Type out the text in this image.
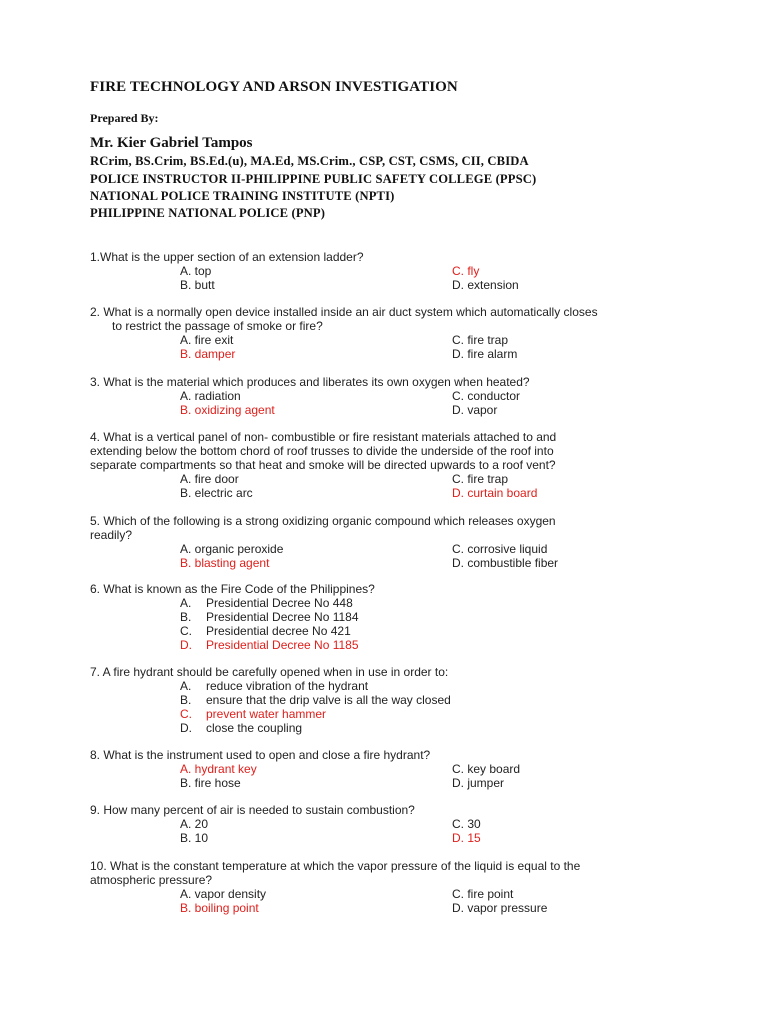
FIRE TECHNOLOGY AND ARSON INVESTIGATION
Prepared By:
Mr. Kier Gabriel Tampos
RCrim, BS.Crim, BS.Ed.(u), MA.Ed, MS.Crim., CSP, CST, CSMS, CII, CBIDA
POLICE INSTRUCTOR II-PHILIPPINE PUBLIC SAFETY COLLEGE (PPSC)
NATIONAL POLICE TRAINING INSTITUTE (NPTI)
PHILIPPINE NATIONAL POLICE (PNP)
1.What is the upper section of an extension ladder?
A. top	C. fly
B. butt	D. extension
2. What is a normally open device installed inside an air duct system which automatically closes
to restrict the passage of smoke or fire?
A. fire exit	C. fire trap
B. damper	D. fire alarm
3. What is the material which produces and liberates its own oxygen when heated?
A. radiation	C. conductor
B. oxidizing agent	D. vapor
4. What is a vertical panel of non- combustible or fire resistant materials attached to and
extending below the bottom chord of roof trusses to divide the underside of the roof into
separate compartments so that heat and smoke will be directed upwards to a roof vent?
A. fire door	C. fire trap
B. electric arc	D. curtain board
5. Which of the following is a strong oxidizing organic compound which releases oxygen
readily?
A. organic peroxide	C. corrosive liquid
B. blasting agent	D. combustible fiber
6. What is known as the Fire Code of the Philippines?
A. Presidential Decree No 448
B. Presidential Decree No 1184
C. Presidential decree No 421
D. Presidential Decree No 1185
7. A fire hydrant should be carefully opened when in use in order to:
A. reduce vibration of the hydrant
B. ensure that the drip valve is all the way closed
C. prevent water hammer
D. close the coupling
8. What is the instrument used to open and close a fire hydrant?
A. hydrant key	C. key board
B. fire hose	D. jumper
9. How many percent of air is needed to sustain combustion?
A. 20	C. 30
B. 10	D. 15
10. What is the constant temperature at which the vapor pressure of the liquid is equal to the
atmospheric pressure?
A. vapor density	C. fire point
B. boiling point	D. vapor pressure
